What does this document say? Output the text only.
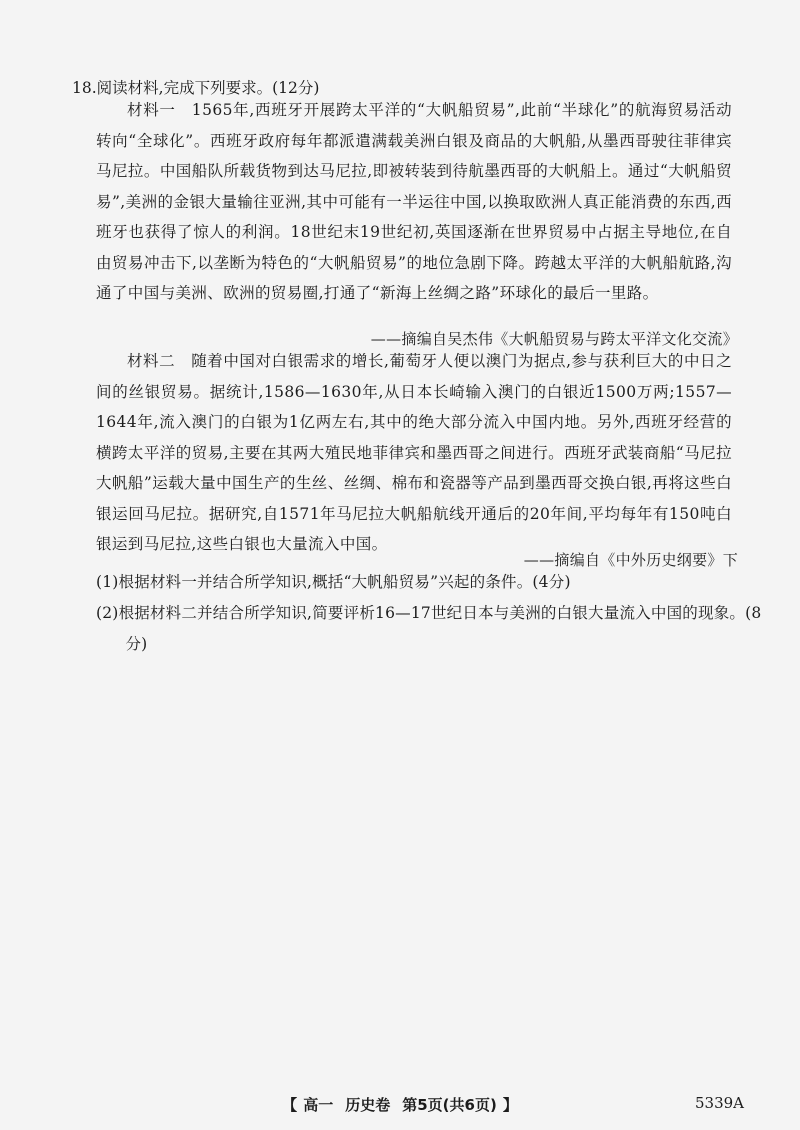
18.阅读材料,完成下列要求。(12分)

材料一　1565年,西班牙开展跨太平洋的“大帆船贸易”,此前“半球化”的航海贸易活动转向“全球化”。西班牙政府每年都派遣满载美洲白银及商品的大帆船,从墨西哥驶往菲律宾马尼拉。中国船队所载货物到达马尼拉,即被转装到待航墨西哥的大帆船上。通过“大帆船贸易”,美洲的金银大量输往亚洲,其中可能有一半运往中国,以换取欧洲人真正能消费的东西,西班牙也获得了惊人的利润。18世纪末19世纪初,英国逐渐在世界贸易中占据主导地位,在自由贸易冲击下,以垄断为特色的“大帆船贸易”的地位急剧下降。跨越太平洋的大帆船航路,沟通了中国与美洲、欧洲的贸易圈,打通了“新海上丝绸之路”环球化的最后一里路。

——摘编自吴杰伟《大帆船贸易与跨太平洋文化交流》

材料二　随着中国对白银需求的增长,葡萄牙人便以澳门为据点,参与获利巨大的中日之间的丝银贸易。据统计,1586—1630年,从日本长崎输入澳门的白银近1500万两;1557—1644年,流入澳门的白银为1亿两左右,其中的绝大部分流入中国内地。另外,西班牙经营的横跨太平洋的贸易,主要在其两大殖民地菲律宾和墨西哥之间进行。西班牙武装商船“马尼拉大帆船”运载大量中国生产的生丝、丝绸、棉布和瓷器等产品到墨西哥交换白银,再将这些白银运回马尼拉。据研究,自1571年马尼拉大帆船航线开通后的20年间,平均每年有150吨白银运到马尼拉,这些白银也大量流入中国。

——摘编自《中外历史纲要》下

(1)根据材料一并结合所学知识,概括“大帆船贸易”兴起的条件。(4分)

(2)根据材料二并结合所学知识,简要评析16—17世纪日本与美洲的白银大量流入中国的现象。(8分)

【 高一 历史卷 第5页(共6页) 】	5339A
